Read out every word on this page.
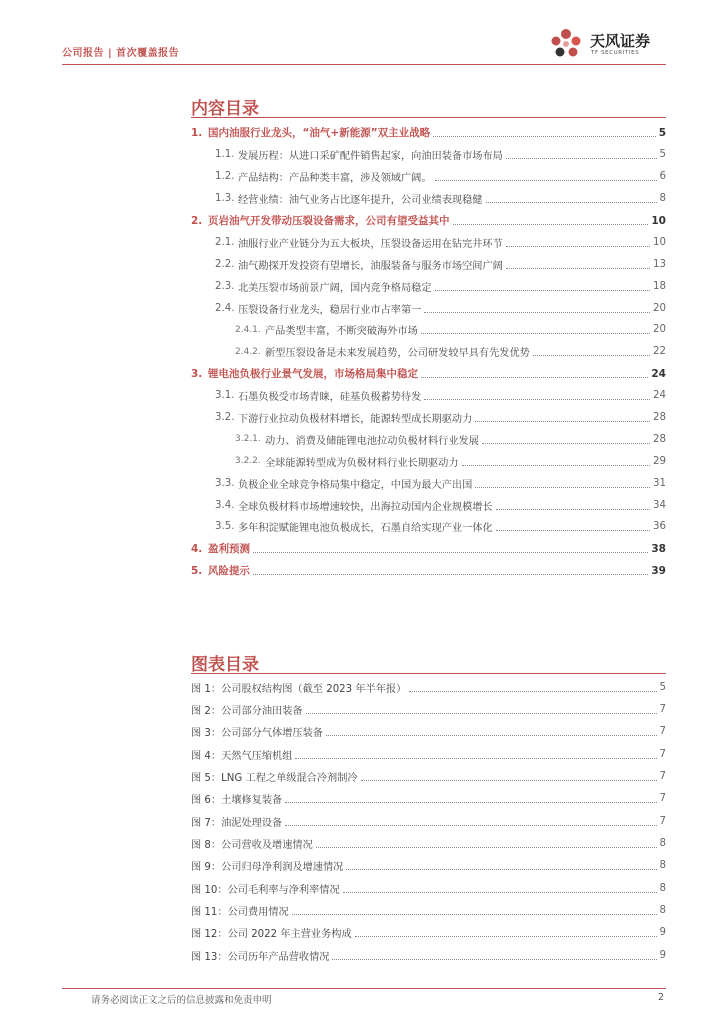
公司报告 | 首次覆盖报告
天风证券
TF SECURITIES
内容目录
1. 国内油服行业龙头，“油气+新能源”双主业战略	5
1.1. 发展历程：从进口采矿配件销售起家，向油田装备市场布局	5
1.2. 产品结构：产品种类丰富，涉及领域广阔。	6
1.3. 经营业绩：油气业务占比逐年提升，公司业绩表现稳健	8
2. 页岩油气开发带动压裂设备需求，公司有望受益其中	10
2.1. 油服行业产业链分为五大板块，压裂设备运用在钻完井环节	10
2.2. 油气勘探开发投资有望增长，油服装备与服务市场空间广阔	13
2.3. 北美压裂市场前景广阔，国内竞争格局稳定	18
2.4. 压裂设备行业龙头，稳居行业市占率第一	20
2.4.1. 产品类型丰富，不断突破海外市场	20
2.4.2. 新型压裂设备是未来发展趋势，公司研发较早具有先发优势	22
3. 锂电池负极行业景气发展，市场格局集中稳定	24
3.1. 石墨负极受市场青睐，硅基负极蓄势待发	24
3.2. 下游行业拉动负极材料增长，能源转型成长期驱动力	28
3.2.1. 动力、消费及储能锂电池拉动负极材料行业发展	28
3.2.2. 全球能源转型成为负极材料行业长期驱动力	29
3.3. 负极企业全球竞争格局集中稳定，中国为最大产出国	31
3.4. 全球负极材料市场增速较快，出海拉动国内企业规模增长	34
3.5. 多年积淀赋能锂电池负极成长，石墨自给实现产业一体化	36
4. 盈利预测	38
5. 风险提示	39
图表目录
图 1：公司股权结构图（截至 2023 年半年报）	5
图 2：公司部分油田装备	7
图 3：公司部分气体增压装备	7
图 4：天然气压缩机组	7
图 5：LNG 工程之单级混合冷剂制冷	7
图 6：土壤修复装备	7
图 7：油泥处理设备	7
图 8：公司营收及增速情况	8
图 9：公司归母净利润及增速情况	8
图 10：公司毛利率与净利率情况	8
图 11：公司费用情况	8
图 12：公司 2022 年主营业务构成	9
图 13：公司历年产品营收情况	9
请务必阅读正文之后的信息披露和免责申明	2
